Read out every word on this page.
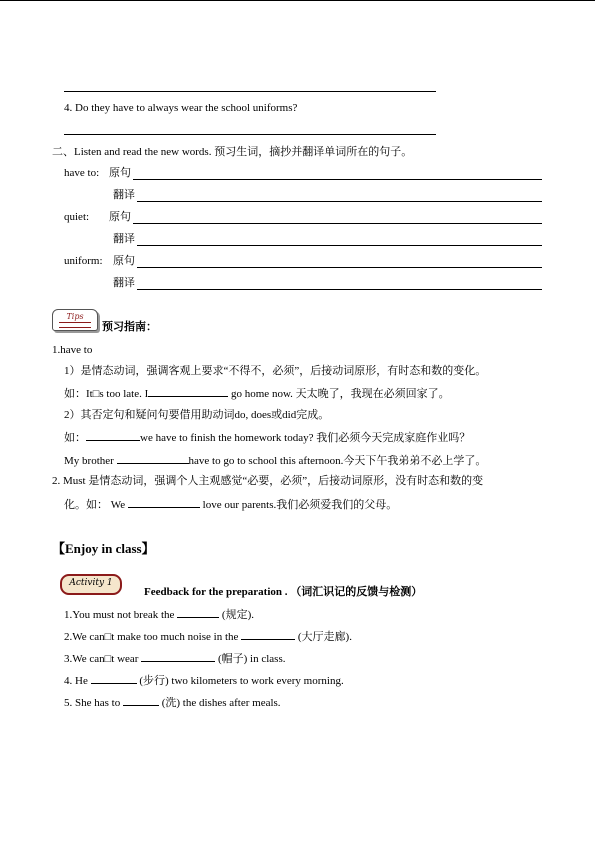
4. Do they have to always wear the school uniforms?
二、Listen and read the new words. 预习生词，摘抄并翻译单词所在的句子。
have to: 原句
翻译
quiet: 原句
翻译
uniform: 原句
翻译
Tips
预习指南：
1.have to
1）是情态动词，强调客观上要求“不得不，必须”，后接动词原形，有时态和数的变化。
如：It□s too late. I	go home now. 天太晚了，我现在必须回家了。
2）其否定句和疑问句要借用助动词do, does或did完成。
如：	we have to finish the homework today? 我们必须今天完成家庭作业吗？
My brother	have to go to school this afternoon.今天下午我弟弟不必上学了。
2. Must 是情态动词，强调个人主观感觉“必要，必须”，后接动词原形，没有时态和数的变
化。如： We	love our parents.我们必须爱我们的父母。
【Enjoy in class】
Activity 1
Feedback for the preparation . （词汇识记的反馈与检测）
1.You must not break the	(规定).
2.We can□t make too much noise in the	(大厅走廊).
3.We can□t wear	(帽子) in class.
4. He	(步行) two kilometers to work every morning.
5. She has to	(洗) the dishes after meals.
